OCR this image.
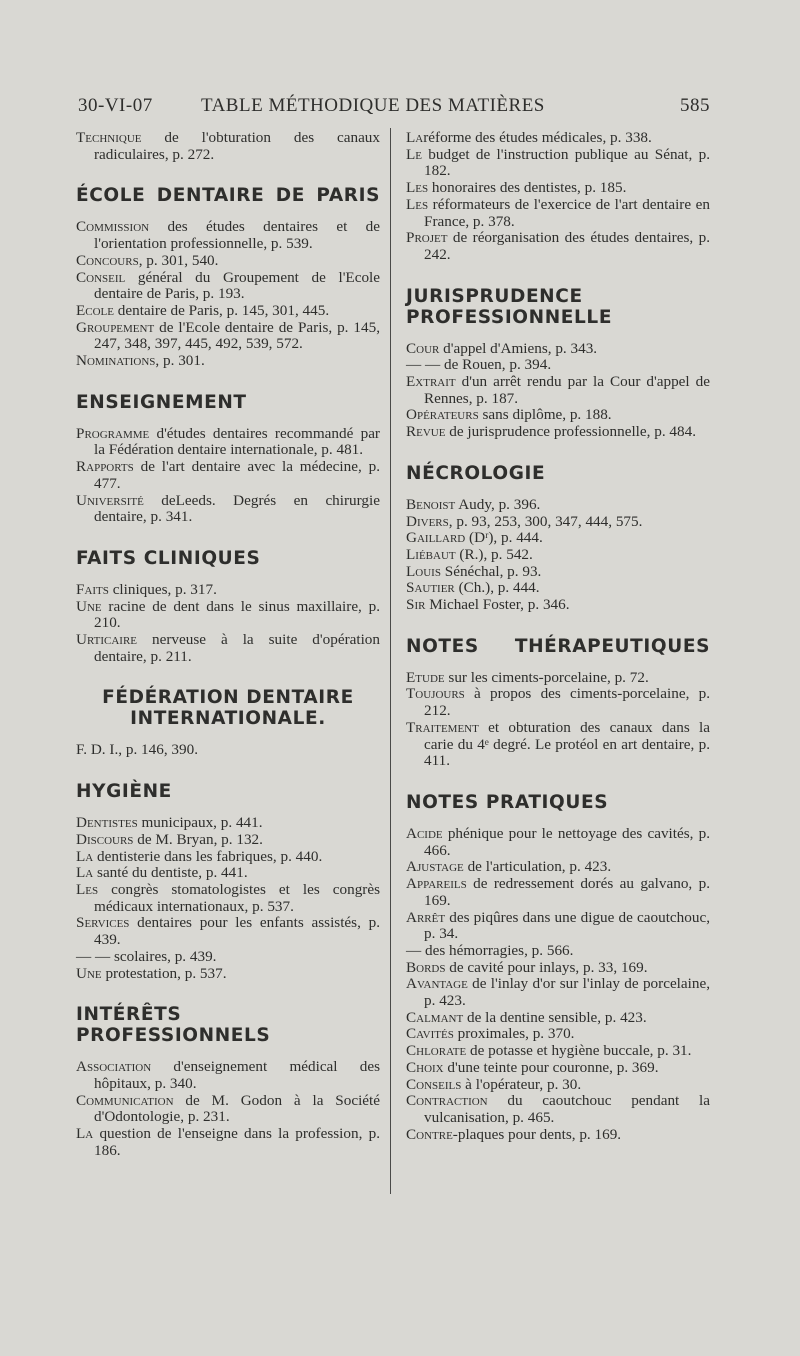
30-VI-07	TABLE MÉTHODIQUE DES MATIÈRES	585
Technique de l'obturation des canaux radiculaires, p. 272.
ÉCOLE DENTAIRE DE PARIS
Commission des études dentaires et de l'orientation professionnelle, p. 539.
Concours, p. 301, 540.
Conseil général du Groupement de l'Ecole dentaire de Paris, p. 193.
Ecole dentaire de Paris, p. 145, 301, 445.
Groupement de l'Ecole dentaire de Paris, p. 145, 247, 348, 397, 445, 492, 539, 572.
Nominations, p. 301.
ENSEIGNEMENT
Programme d'études dentaires recommandé par la Fédération dentaire internationale, p. 481.
Rapports de l'art dentaire avec la médecine, p. 477.
Université deLeeds. Degrés en chirurgie dentaire, p. 341.
FAITS CLINIQUES
Faits cliniques, p. 317.
Une racine de dent dans le sinus maxillaire, p. 210.
Urticaire nerveuse à la suite d'opération dentaire, p. 211.
FÉDÉRATION DENTAIRE INTERNATIONALE.
F. D. I., p. 146, 390.
HYGIÈNE
Dentistes municipaux, p. 441.
Discours de M. Bryan, p. 132.
La dentisterie dans les fabriques, p. 440.
La santé du dentiste, p. 441.
Les congrès stomatologistes et les congrès médicaux internationaux, p. 537.
Services dentaires pour les enfants assistés, p. 439.
— — scolaires, p. 439.
Une protestation, p. 537.
INTÉRÊTS PROFESSIONNELS
Association d'enseignement médical des hôpitaux, p. 340.
Communication de M. Godon à la Société d'Odontologie, p. 231.
La question de l'enseigne dans la profession, p. 186.
Laréforme des études médicales, p. 338.
Le budget de l'instruction publique au Sénat, p. 182.
Les honoraires des dentistes, p. 185.
Les réformateurs de l'exercice de l'art dentaire en France, p. 378.
Projet de réorganisation des études dentaires, p. 242.
JURISPRUDENCE PROFESSIONNELLE
Cour d'appel d'Amiens, p. 343.
— — de Rouen, p. 394.
Extrait d'un arrêt rendu par la Cour d'appel de Rennes, p. 187.
Opérateurs sans diplôme, p. 188.
Revue de jurisprudence professionnelle, p. 484.
NÉCROLOGIE
Benoist Audy, p. 396.
Divers, p. 93, 253, 300, 347, 444, 575.
Gaillard (Dʳ), p. 444.
Liébaut (R.), p. 542.
Louis Sénéchal, p. 93.
Sautier (Ch.), p. 444.
Sir Michael Foster, p. 346.
NOTES THÉRAPEUTIQUES
Etude sur les ciments-porcelaine, p. 72.
Toujours à propos des ciments-porcelaine, p. 212.
Traitement et obturation des canaux dans la carie du 4ᵉ degré. Le protéol en art dentaire, p. 411.
NOTES PRATIQUES
Acide phénique pour le nettoyage des cavités, p. 466.
Ajustage de l'articulation, p. 423.
Appareils de redressement dorés au galvano, p. 169.
Arrêt des piqûres dans une digue de caoutchouc, p. 34.
— des hémorragies, p. 566.
Bords de cavité pour inlays, p. 33, 169.
Avantage de l'inlay d'or sur l'inlay de porcelaine, p. 423.
Calmant de la dentine sensible, p. 423.
Cavités proximales, p. 370.
Chlorate de potasse et hygiène buccale, p. 31.
Choix d'une teinte pour couronne, p. 369.
Conseils à l'opérateur, p. 30.
Contraction du caoutchouc pendant la vulcanisation, p. 465.
Contre-plaques pour dents, p. 169.
